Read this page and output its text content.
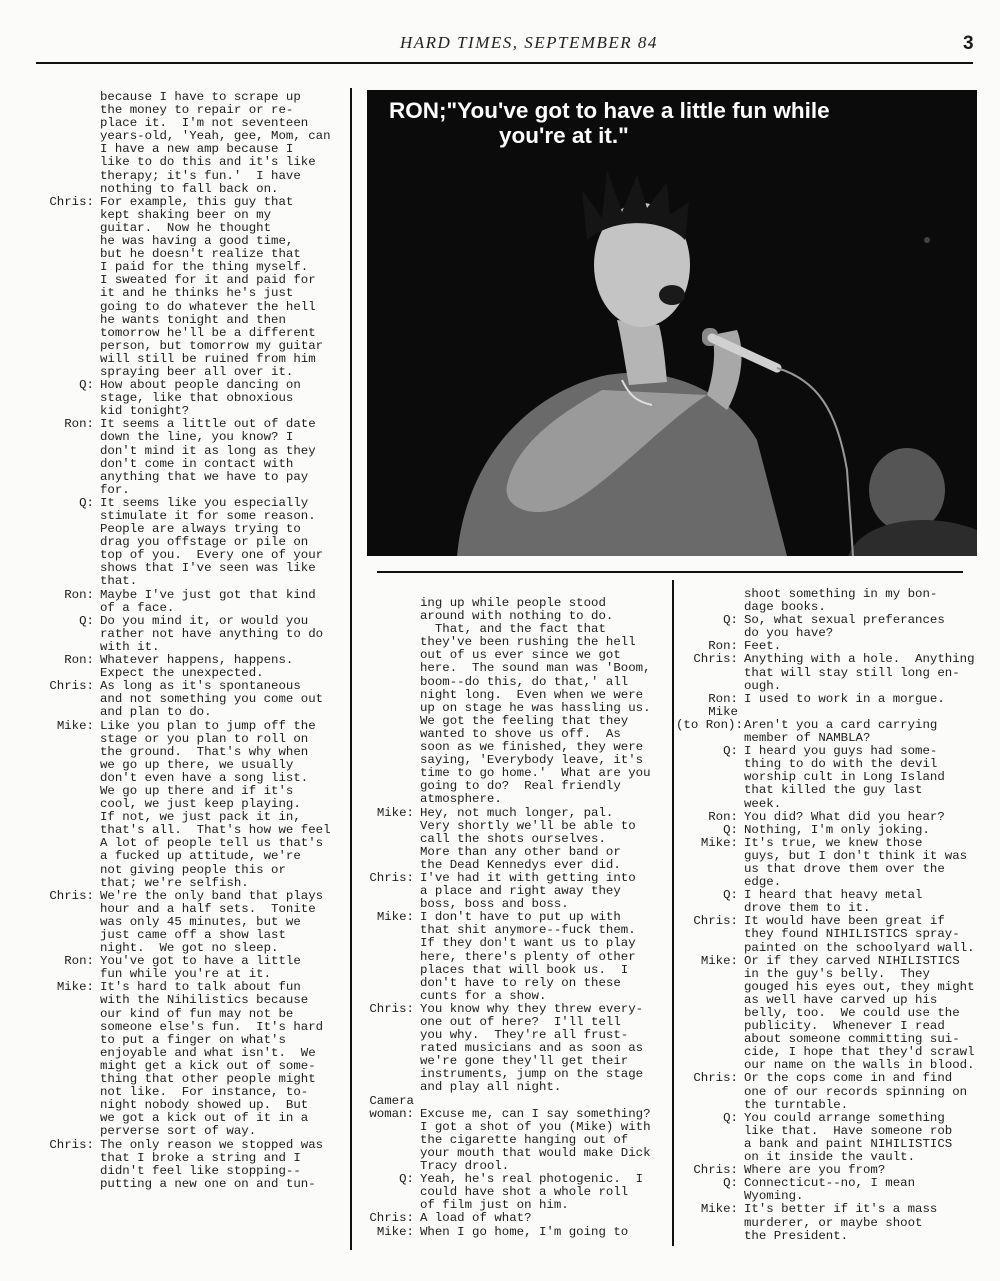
HARD TIMES, SEPTEMBER 84	3
RON;"You've got to have a little fun while
you're at it."
because I have to scrape up
the money to repair or re-
place it.  I'm not seventeen
years-old, 'Yeah, gee, Mom, can
I have a new amp because I
like to do this and it's like
therapy; it's fun.'  I have
nothing to fall back on.
Chris: For example, this guy that
kept shaking beer on my
guitar.  Now he thought
he was having a good time,
but he doesn't realize that
I paid for the thing myself.
I sweated for it and paid for
it and he thinks he's just
going to do whatever the hell
he wants tonight and then
tomorrow he'll be a different
person, but tomorrow my guitar
will still be ruined from him
spraying beer all over it.
Q: How about people dancing on
stage, like that obnoxious
kid tonight?
Ron: It seems a little out of date
down the line, you know? I
don't mind it as long as they
don't come in contact with
anything that we have to pay
for.
Q: It seems like you especially
stimulate it for some reason.
People are always trying to
drag you offstage or pile on
top of you.  Every one of your
shows that I've seen was like
that.
Ron: Maybe I've just got that kind
of a face.
Q: Do you mind it, or would you
rather not have anything to do
with it.
Ron: Whatever happens, happens.
Expect the unexpected.
Chris: As long as it's spontaneous
and not something you come out
and plan to do.
Mike: Like you plan to jump off the
stage or you plan to roll on
the ground.  That's why when
we go up there, we usually
don't even have a song list.
We go up there and if it's
cool, we just keep playing.
If not, we just pack it in,
that's all.  That's how we feel
A lot of people tell us that's
a fucked up attitude, we're
not giving people this or
that; we're selfish.
Chris: We're the only band that plays
hour and a half sets.  Tonite
was only 45 minutes, but we
just came off a show last
night.  We got no sleep.
Ron: You've got to have a little
fun while you're at it.
Mike: It's hard to talk about fun
with the Nihilistics because
our kind of fun may not be
someone else's fun.  It's hard
to put a finger on what's
enjoyable and what isn't.  We
might get a kick out of some-
thing that other people might
not like.  For instance, to-
night nobody showed up.  But
we got a kick out of it in a
perverse sort of way.
Chris: The only reason we stopped was
that I broke a string and I
didn't feel like stopping--
putting a new one on and tun-
ing up while people stood
around with nothing to do.
That, and the fact that
they've been rushing the hell
out of us ever since we got
here.  The sound man was 'Boom,
boom--do this, do that,' all
night long.  Even when we were
up on stage he was hassling us.
We got the feeling that they
wanted to shove us off.  As
soon as we finished, they were
saying, 'Everybody leave, it's
time to go home.'  What are you
going to do?  Real friendly
atmosphere.
Mike: Hey, not much longer, pal.
Very shortly we'll be able to
call the shots ourselves.
More than any other band or
the Dead Kennedys ever did.
Chris: I've had it with getting into
a place and right away they
boss, boss and boss.
Mike: I don't have to put up with
that shit anymore--fuck them.
If they don't want us to play
here, there's plenty of other
places that will book us.  I
don't have to rely on these
cunts for a show.
Chris: You know why they threw every-
one out of here?  I'll tell
you why.  They're all frust-
rated musicians and as soon as
we're gone they'll get their
instruments, jump on the stage
and play all night.
Camera
woman:
Excuse me, can I say something?
I got a shot of you (Mike) with
the cigarette hanging out of
your mouth that would make Dick
Tracy drool.
Q: Yeah, he's real photogenic.  I
could have shot a whole roll
of film just on him.
Chris: A load of what?
Mike: When I go home, I'm going to
shoot something in my bon-
dage books.
Q: So, what sexual preferances
do you have?
Ron: Feet.
Chris: Anything with a hole.  Anything
that will stay still long en-
ough.
Ron: I used to work in a morgue.
Mike
(to Ron):
Aren't you a card carrying
member of NAMBLA?
Q: I heard you guys had some-
thing to do with the devil
worship cult in Long Island
that killed the guy last
week.
Ron: You did? What did you hear?
Q: Nothing, I'm only joking.
Mike: It's true, we knew those
guys, but I don't think it was
us that drove them over the
edge.
Q: I heard that heavy metal
drove them to it.
Chris: It would have been great if
they found NIHILISTICS spray-
painted on the schoolyard wall.
Mike: Or if they carved NIHILISTICS
in the guy's belly.  They
gouged his eyes out, they might
as well have carved up his
belly, too.  We could use the
publicity.  Whenever I read
about someone committing sui-
cide, I hope that they'd scrawl
our name on the walls in blood.
Chris: Or the cops come in and find
one of our records spinning on
the turntable.
Q: You could arrange something
like that.  Have someone rob
a bank and paint NIHILISTICS
on it inside the vault.
Chris: Where are you from?
Q: Connecticut--no, I mean
Wyoming.
Mike: It's better if it's a mass
murderer, or maybe shoot
the President.
